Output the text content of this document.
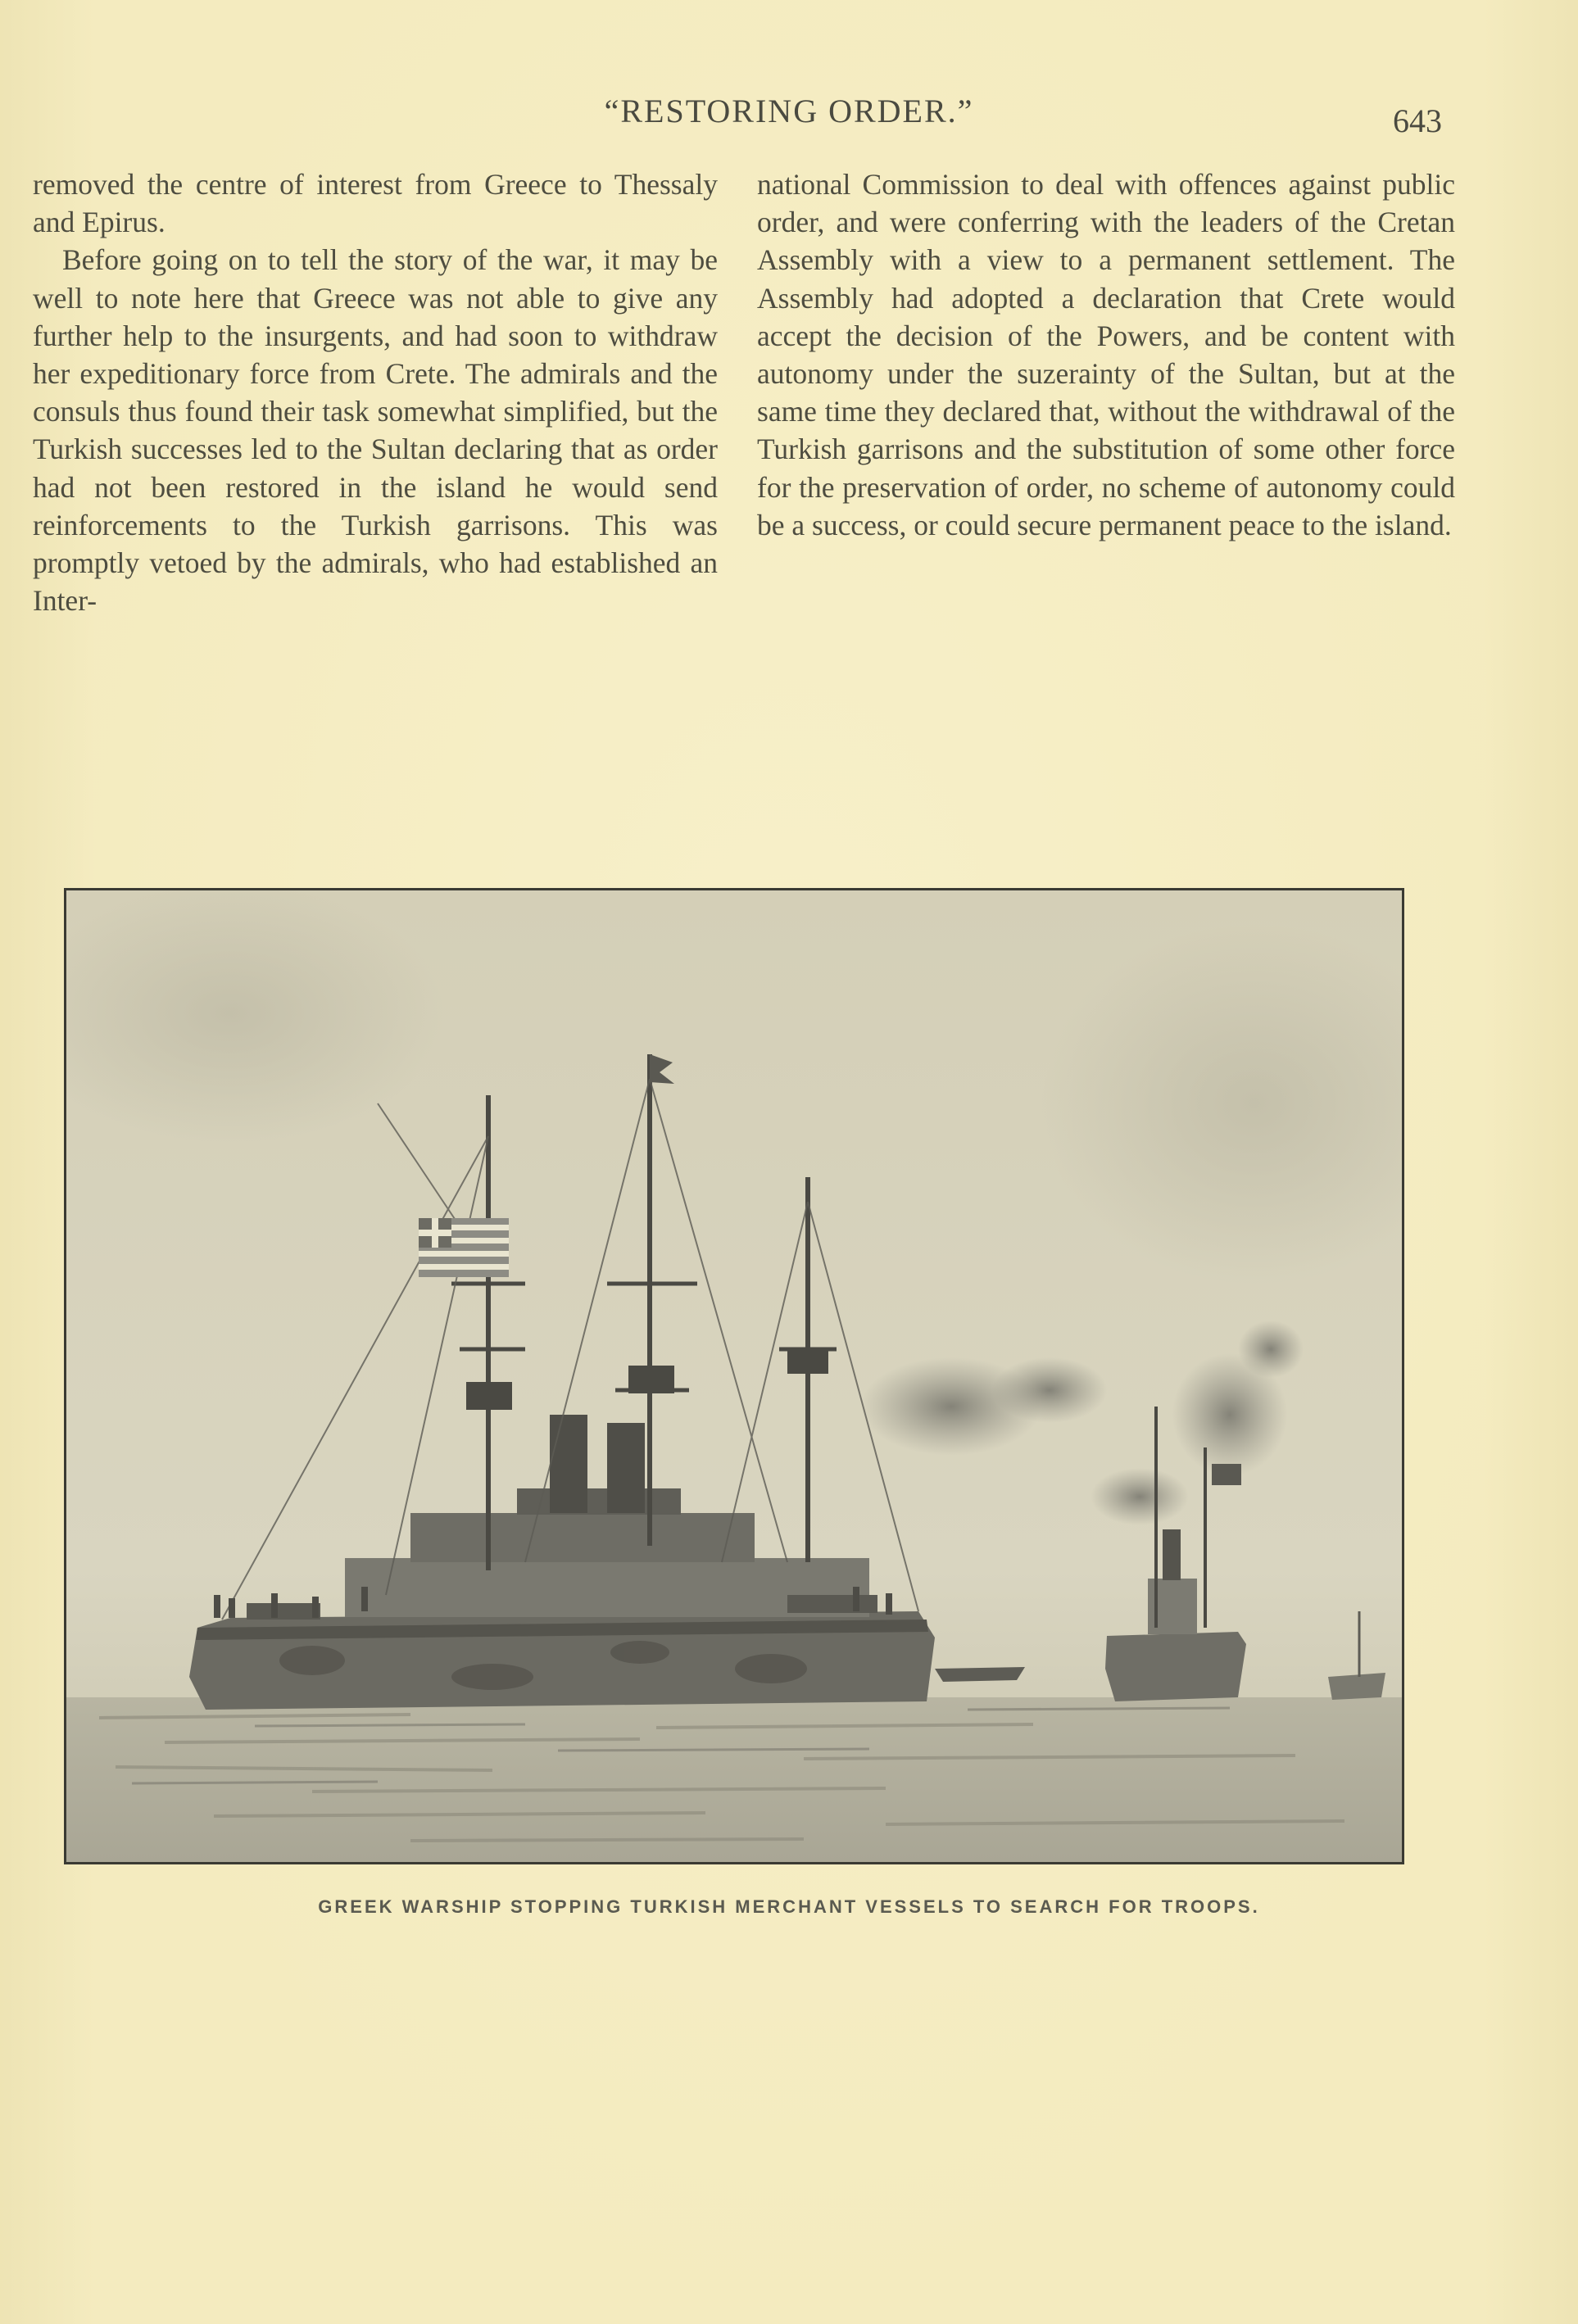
“RESTORING ORDER.”	643

removed the centre of interest from Greece to Thessaly and Epirus.

Before going on to tell the story of the war, it may be well to note here that Greece was not able to give any further help to the insurgents, and had soon to withdraw her expeditionary force from Crete. The admirals and the consuls thus found their task somewhat simplified, but the Turkish successes led to the Sultan declaring that as order had not been restored in the island he would send reinforcements to the Turkish garrisons. This was promptly vetoed by the admirals, who had established an Inter-

national Commission to deal with offences against public order, and were conferring with the leaders of the Cretan Assembly with a view to a permanent settlement. The Assembly had adopted a declaration that Crete would accept the decision of the Powers, and be content with autonomy under the suzerainty of the Sultan, but at the same time they declared that, without the withdrawal of the Turkish garrisons and the substitution of some other force for the preservation of order, no scheme of autonomy could be a success, or could secure permanent peace to the island.

GREEK WARSHIP STOPPING TURKISH MERCHANT VESSELS TO SEARCH FOR TROOPS.
